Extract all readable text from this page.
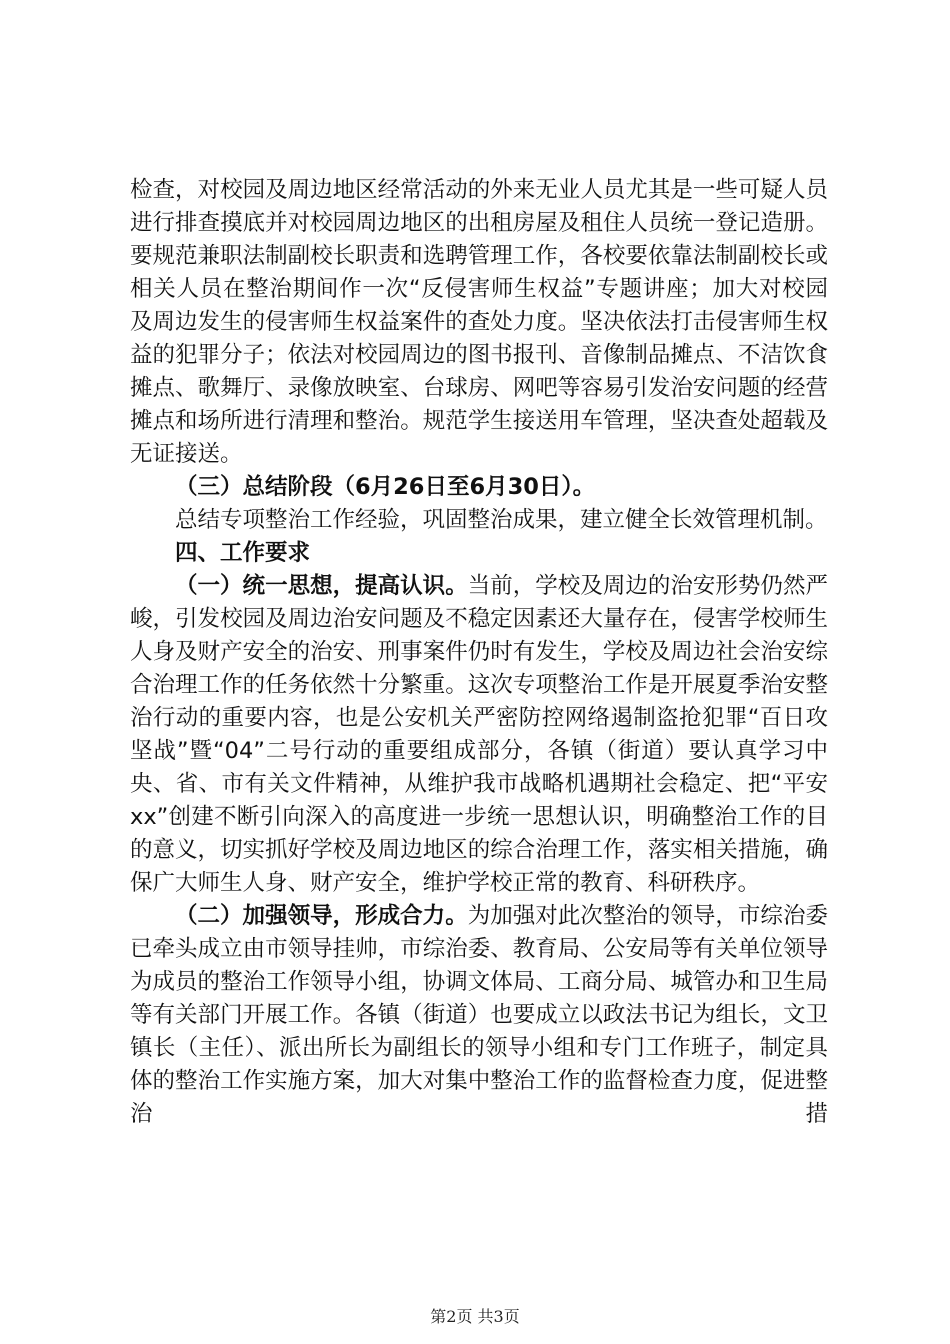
检查，对校园及周边地区经常活动的外来无业人员尤其是一些可疑人员进行排查摸底并对校园周边地区的出租房屋及租住人员统一登记造册。要规范兼职法制副校长职责和选聘管理工作，各校要依靠法制副校长或相关人员在整治期间作一次“反侵害师生权益”专题讲座；加大对校园及周边发生的侵害师生权益案件的查处力度。坚决依法打击侵害师生权益的犯罪分子；依法对校园周边的图书报刊、音像制品摊点、不洁饮食摊点、歌舞厅、录像放映室、台球房、网吧等容易引发治安问题的经营摊点和场所进行清理和整治。规范学生接送用车管理，坚决查处超载及无证接送。

（三）总结阶段（6月26日至6月30日）。

总结专项整治工作经验，巩固整治成果，建立健全长效管理机制。

四、工作要求

（一）统一思想，提高认识。当前，学校及周边的治安形势仍然严峻，引发校园及周边治安问题及不稳定因素还大量存在，侵害学校师生人身及财产安全的治安、刑事案件仍时有发生，学校及周边社会治安综合治理工作的任务依然十分繁重。这次专项整治工作是开展夏季治安整治行动的重要内容，也是公安机关严密防控网络遏制盗抢犯罪“百日攻坚战”暨“04”二号行动的重要组成部分，各镇（街道）要认真学习中央、省、市有关文件精神，从维护我市战略机遇期社会稳定、把“平安xx”创建不断引向深入的高度进一步统一思想认识，明确整治工作的目的意义，切实抓好学校及周边地区的综合治理工作，落实相关措施，确保广大师生人身、财产安全，维护学校正常的教育、科研秩序。

（二）加强领导，形成合力。为加强对此次整治的领导，市综治委已牵头成立由市领导挂帅，市综治委、教育局、公安局等有关单位领导为成员的整治工作领导小组，协调文体局、工商分局、城管办和卫生局等有关部门开展工作。各镇（街道）也要成立以政法书记为组长，文卫镇长（主任）、派出所长为副组长的领导小组和专门工作班子，制定具体的整治工作实施方案，加大对集中整治工作的监督检查力度，促进整治措

第2页 共3页
